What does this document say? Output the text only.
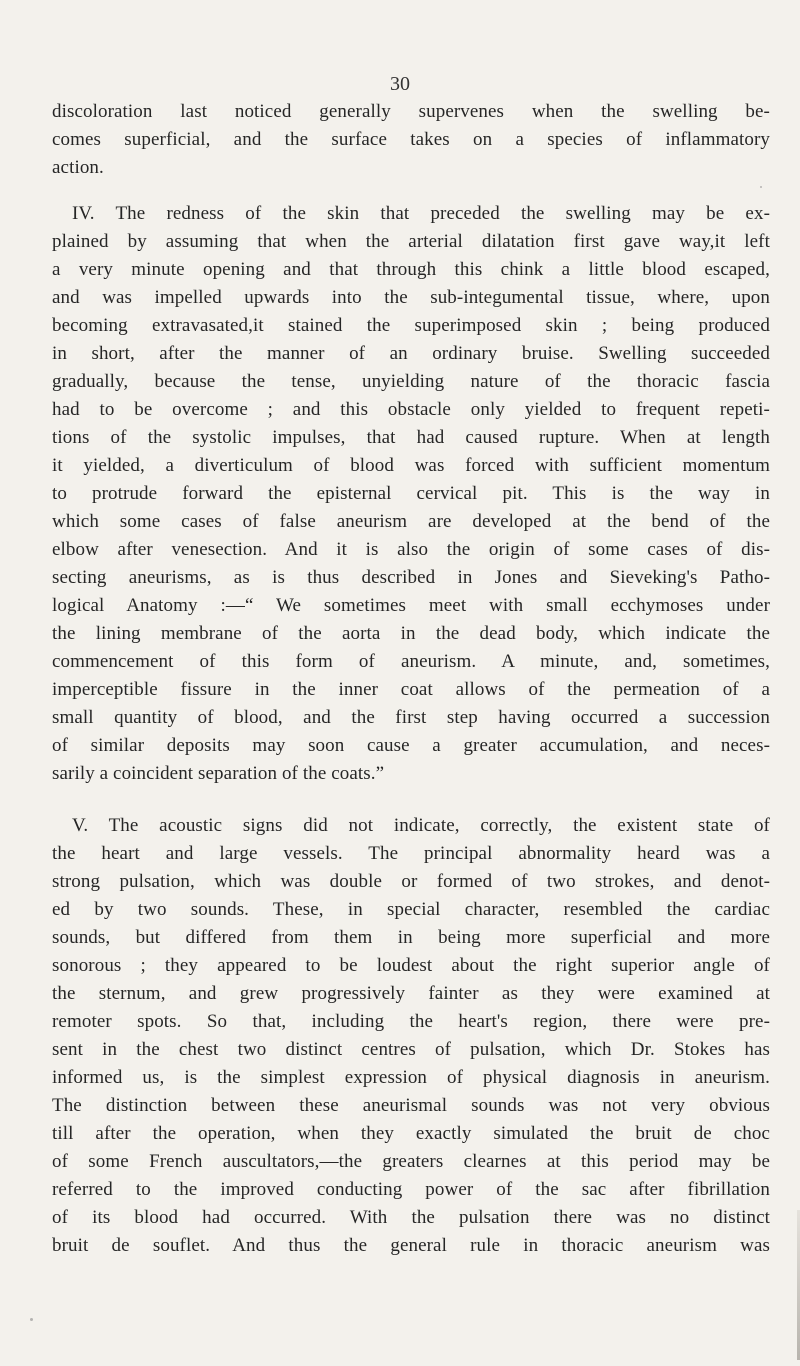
30
discoloration last noticed generally supervenes when the swelling be-
comes superficial, and the surface takes on a species of inflammatory
action.
IV. The redness of the skin that preceded the swelling may be ex-
plained by assuming that when the arterial dilatation first gave way,it left
a very minute opening and that through this chink a little blood escaped,
and was impelled upwards into the sub-integumental tissue, where, upon
becoming extravasated,it stained the superimposed skin ; being produced
in short, after the manner of an ordinary bruise. Swelling succeeded
gradually, because the tense, unyielding nature of the thoracic fascia
had to be overcome ; and this obstacle only yielded to frequent repeti-
tions of the systolic impulses, that had caused rupture. When at length
it yielded, a diverticulum of blood was forced with sufficient momentum
to protrude forward the episternal cervical pit. This is the way in
which some cases of false aneurism are developed at the bend of the
elbow after venesection. And it is also the origin of some cases of dis-
secting aneurisms, as is thus described in Jones and Sieveking's Patho-
logical Anatomy :—“ We sometimes meet with small ecchymoses under
the lining membrane of the aorta in the dead body, which indicate the
commencement of this form of aneurism. A minute, and, sometimes,
imperceptible fissure in the inner coat allows of the permeation of a
small quantity of blood, and the first step having occurred a succession
of similar deposits may soon cause a greater accumulation, and neces-
sarily a coincident separation of the coats.”
V. The acoustic signs did not indicate, correctly, the existent state of
the heart and large vessels. The principal abnormality heard was a
strong pulsation, which was double or formed of two strokes, and denot-
ed by two sounds. These, in special character, resembled the cardiac
sounds, but differed from them in being more superficial and more
sonorous ; they appeared to be loudest about the right superior angle of
the sternum, and grew progressively fainter as they were examined at
remoter spots. So that, including the heart's region, there were pre-
sent in the chest two distinct centres of pulsation, which Dr. Stokes has
informed us, is the simplest expression of physical diagnosis in aneurism.
The distinction between these aneurismal sounds was not very obvious
till after the operation, when they exactly simulated the bruit de choc
of some French auscultators,—the greaters clearnes at this period may be
referred to the improved conducting power of the sac after fibrillation
of its blood had occurred. With the pulsation there was no distinct
bruit de souflet. And thus the general rule in thoracic aneurism was
